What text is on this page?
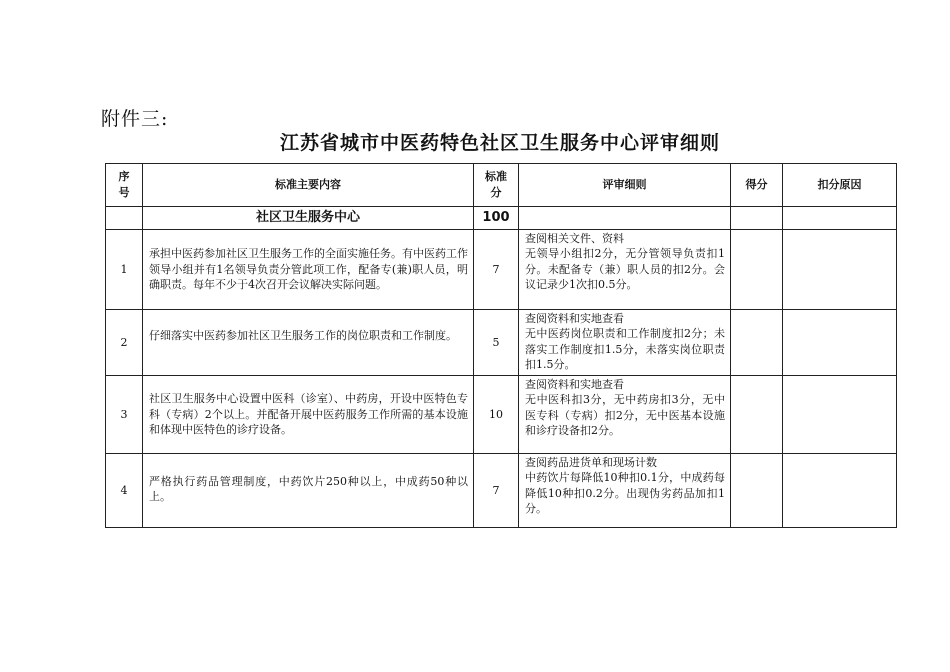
附件三:
江苏省城市中医药特色社区卫生服务中心评审细则
序号	标准主要内容	标准分	评审细则	得分	扣分原因
	社区卫生服务中心	100			
1	承担中医药参加社区卫生服务工作的全面实施任务。有中医药工作领导小组并有1名领导负责分管此项工作，配备专(兼)职人员，明确职责。每年不少于4次召开会议解决实际问题。	7	查阅相关文件、资料
无领导小组扣2分，无分管领导负责扣1分。未配备专（兼）职人员的扣2分。会议记录少1次扣0.5分。		
2	仔细落实中医药参加社区卫生服务工作的岗位职责和工作制度。	5	查阅资料和实地查看
无中医药岗位职责和工作制度扣2分；未落实工作制度扣1.5分，未落实岗位职责扣1.5分。		
3	社区卫生服务中心设置中医科（诊室）、中药房，开设中医特色专科（专病）2个以上。并配备开展中医药服务工作所需的基本设施和体现中医特色的诊疗设备。	10	查阅资料和实地查看
无中医科扣3分，无中药房扣3分，无中医专科（专病）扣2分，无中医基本设施和诊疗设备扣2分。		
4	严格执行药品管理制度，中药饮片250种以上，中成药50种以上。	7	查阅药品进货单和现场计数
中药饮片每降低10种扣0.1分，中成药每降低10种扣0.2分。出现伪劣药品加扣1分。		
